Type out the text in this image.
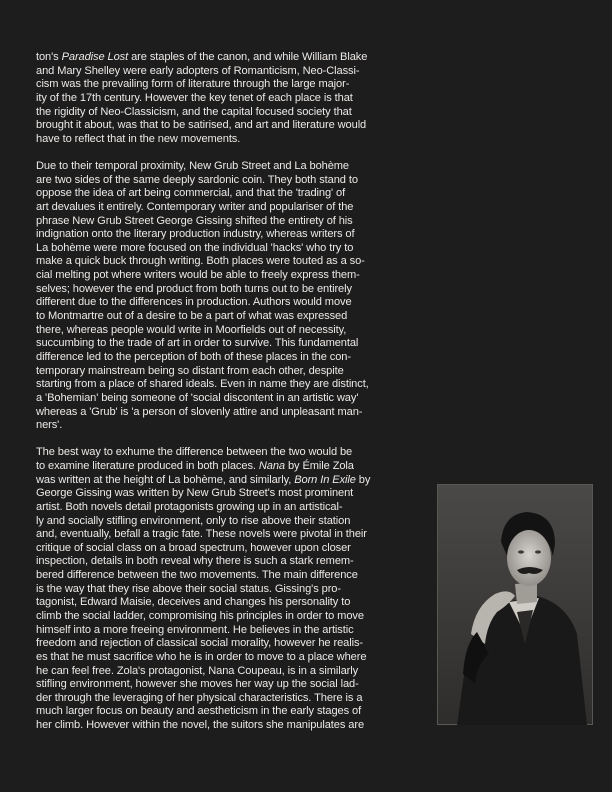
ton's Paradise Lost are staples of the canon, and while William Blake
and Mary Shelley were early adopters of Romanticism, Neo-Classi-
cism was the prevailing form of literature through the large major-
ity of the 17th century. However the key tenet of each place is that
the rigidity of Neo-Classicism, and the capital focused society that
brought it about, was that to be satirised, and art and literature would
have to reflect that in the new movements.
Due to their temporal proximity, New Grub Street and La bohème
are two sides of the same deeply sardonic coin. They both stand to
oppose the idea of art being commercial, and that the 'trading' of
art devalues it entirely. Contemporary writer and populariser of the
phrase New Grub Street George Gissing shifted the entirety of his
indignation onto the literary production industry, whereas writers of
La bohème were more focused on the individual 'hacks' who try to
make a quick buck through writing. Both places were touted as a so-
cial melting pot where writers would be able to freely express them-
selves; however the end product from both turns out to be entirely
different due to the differences in production. Authors would move
to Montmartre out of a desire to be a part of what was expressed
there, whereas people would write in Moorfields out of necessity,
succumbing to the trade of art in order to survive. This fundamental
difference led to the perception of both of these places in the con-
temporary mainstream being so distant from each other, despite
starting from a place of shared ideals. Even in name they are distinct,
a 'Bohemian' being someone of 'social discontent in an artistic way'
whereas a 'Grub' is 'a person of slovenly attire and unpleasant man-
ners'.
The best way to exhume the difference between the two would be
to examine literature produced in both places. Nana by Émile Zola
was written at the height of La bohème, and similarly, Born In Exile by
George Gissing was written by New Grub Street's most prominent
artist. Both novels detail protagonists growing up in an artistical-
ly and socially stifling environment, only to rise above their station
and, eventually, befall a tragic fate. These novels were pivotal in their
critique of social class on a broad spectrum, however upon closer
inspection, details in both reveal why there is such a stark remem-
bered difference between the two movements. The main difference
is the way that they rise above their social status. Gissing's pro-
tagonist, Edward Maisie, deceives and changes his personality to
climb the social ladder, compromising his principles in order to move
himself into a more freeing environment. He believes in the artistic
freedom and rejection of classical social morality, however he realis-
es that he must sacrifice who he is in order to move to a place where
he can feel free. Zola's protagonist, Nana Coupeau, is in a similarly
stifling environment, however she moves her way up the social lad-
der through the leveraging of her physical characteristics. There is a
much larger focus on beauty and aestheticism in the early stages of
her climb. However within the novel, the suitors she manipulates are
